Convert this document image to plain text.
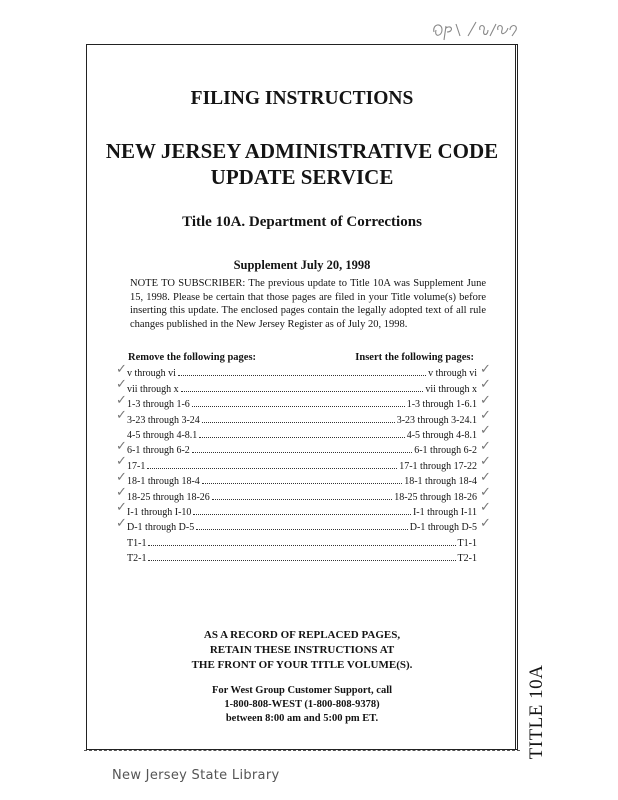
TITLE 10A
FILING INSTRUCTIONS
NEW JERSEY ADMINISTRATIVE CODE
UPDATE SERVICE
Title 10A. Department of Corrections
Supplement July 20, 1998
NOTE TO SUBSCRIBER: The previous update to Title 10A was Supplement June 15, 1998. Please be certain that those pages are filed in your Title volume(s) before inserting this update. The enclosed pages contain the legally adopted text of all rule changes published in the New Jersey Register as of July 20, 1998.
Remove the following pages:	Insert the following pages:
v through vi	v through vi
vii through x	vii through x
1-3 through 1-6	1-3 through 1-6.1
3-23 through 3-24	3-23 through 3-24.1
4-5 through 4-8.1	4-5 through 4-8.1
6-1 through 6-2	6-1 through 6-2
17-1	17-1 through 17-22
18-1 through 18-4	18-1 through 18-4
18-25 through 18-26	18-25 through 18-26
I-1 through I-10	I-1 through I-11
D-1 through D-5	D-1 through D-5
T1-1	T1-1
T2-1	T2-1
✓
✓
✓
✓
✓
✓
✓
✓
✓
✓
✓
✓
✓
✓
✓
✓
✓
✓
✓
✓
✓
AS A RECORD OF REPLACED PAGES,
RETAIN THESE INSTRUCTIONS AT
THE FRONT OF YOUR TITLE VOLUME(S).
For West Group Customer Support, call
1-800-808-WEST (1-800-808-9378)
between 8:00 am and 5:00 pm ET.
New Jersey State Library
